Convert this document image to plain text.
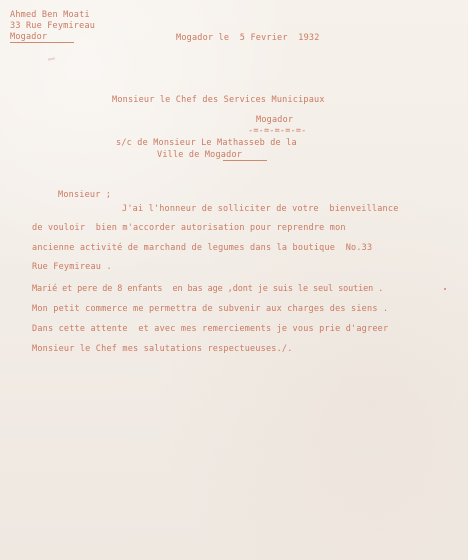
Ahmed Ben Moati
33 Rue Feymireau
Mogador	Mogador le  5 Fevrier  1932
Monsieur le Chef des Services Municipaux
Mogador
-=-=-=-=-=-
s/c de Monsieur Le Mathasseb de la
Ville de Mogador
Monsieur ;
J'ai l'honneur de solliciter de votre  bienveillance
de vouloir  bien m'accorder autorisation pour reprendre mon
ancienne activité de marchand de legumes dans la boutique  No.33
Rue Feymireau .
Marié et pere de 8 enfants  en bas age ,dont je suis le seul soutien .
Mon petit commerce me permettra de subvenir aux charges des siens .
Dans cette attente  et avec mes remerciements je vous prie d'agreer
Monsieur le Chef mes salutations respectueuses./.
